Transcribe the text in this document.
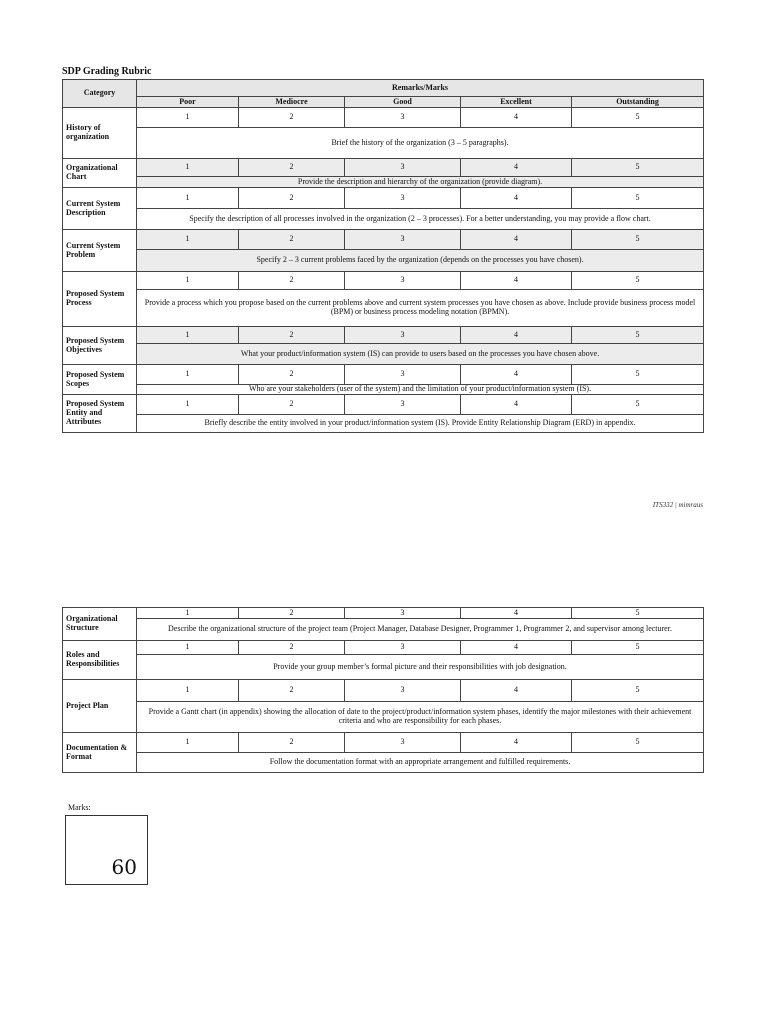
SDP Grading Rubric
Category	Remarks/Marks				
	Poor	Mediocre	Good	Excellent	Outstanding
History of organization	1	2	3	4	5
	Brief the history of the organization (3 – 5 paragraphs).				
Organizational Chart	1	2	3	4	5
	Provide the description and hierarchy of the organization (provide diagram).				
Current System Description	1	2	3	4	5
	Specify the description of all processes involved in the organization (2 – 3 processes). For a better understanding, you may provide a flow chart.				
Current System Problem	1	2	3	4	5
	Specify 2 – 3 current problems faced by the organization (depends on the processes you have chosen).				
Proposed System Process	1	2	3	4	5
	Provide a process which you propose based on the current problems above and current system processes you have chosen as above. Include provide business process model (BPM) or business process modeling notation (BPMN).				
Proposed System Objectives	1	2	3	4	5
	What your product/information system (IS) can provide to users based on the processes you have chosen above.				
Proposed System Scopes	1	2	3	4	5
	Who are your stakeholders (user of the system) and the limitation of your product/information system (IS).				
Proposed System Entity and Attributes	1	2	3	4	5
	Briefly describe the entity involved in your product/information system (IS). Provide Entity Relationship Diagram (ERD) in appendix.				
ITS332 | mimraus
Organizational Structure	1	2	3	4	5
	Describe the organizational structure of the project team (Project Manager, Database Designer, Programmer 1, Programmer 2, and supervisor among lecturer.				
Roles and Responsibilities	1	2	3	4	5
	Provide your group member’s formal picture and their responsibilities with job designation.				
Project Plan	1	2	3	4	5
	Provide a Gantt chart (in appendix) showing the allocation of date to the project/product/information system phases, identify the major milestones with their achievement criteria and who are responsibility for each phases.				
Documentation & Format	1	2	3	4	5
	Follow the documentation format with an appropriate arrangement and fulfilled requirements.				
Marks:
60
